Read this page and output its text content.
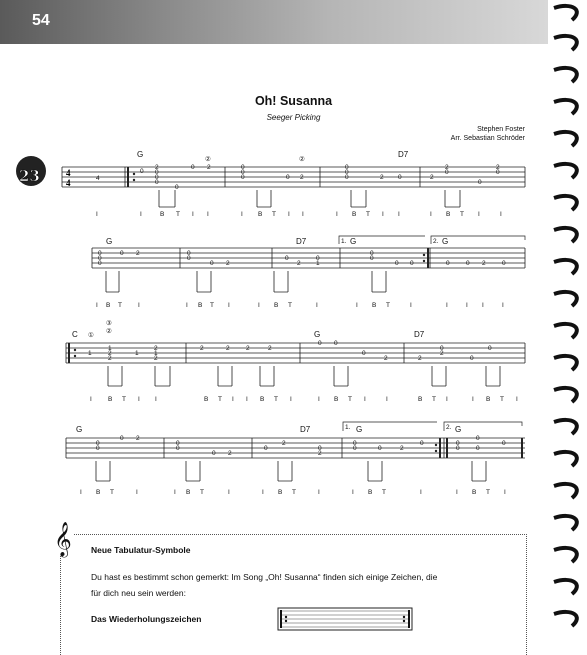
54
Oh! Susanna
Seeger Picking
Stephen Foster
Arr. Sebastian Schröder
23	4
4
G	D7
②	②
G	D7	G	G
1.	2.
C ①
③
②	G	D7
G	D7	G	G
1.	2.
4
0
2
0
0
0
0 2
0
0
0
0	0 2
0
0
0	2 0	2
0
2
0
2
0
0
0
0
0 2	0
0
0 2
0
2
0
1
0
0
0 0	0	0 2	0
1
1
2
2
1
2
1
2
2	2	2	2
0 0
0
2	2
0
2
0
0
0
0
0 2
0
0
0 2
0
2
0
2
0
0	0	2
0	0
0
0
0
0
I	I	B T I I	I B T I I	I B T I I	I B T I	I
I B T I	I B T I	I B T	I	I B T	I	I	I I	I
I B T I I	B T I I B T I	I B T I	I	B T I	I B T I
I B T	I	I B T	I	I B T	I	I B T	I	I B T I
Neue Tabulatur-Symbole

Du hast es bestimmt schon gemerkt: Im Song „Oh! Susanna“ finden sich einige Zeichen, die

für dich neu sein werden:

Das Wiederholungszeichen

𝄞
